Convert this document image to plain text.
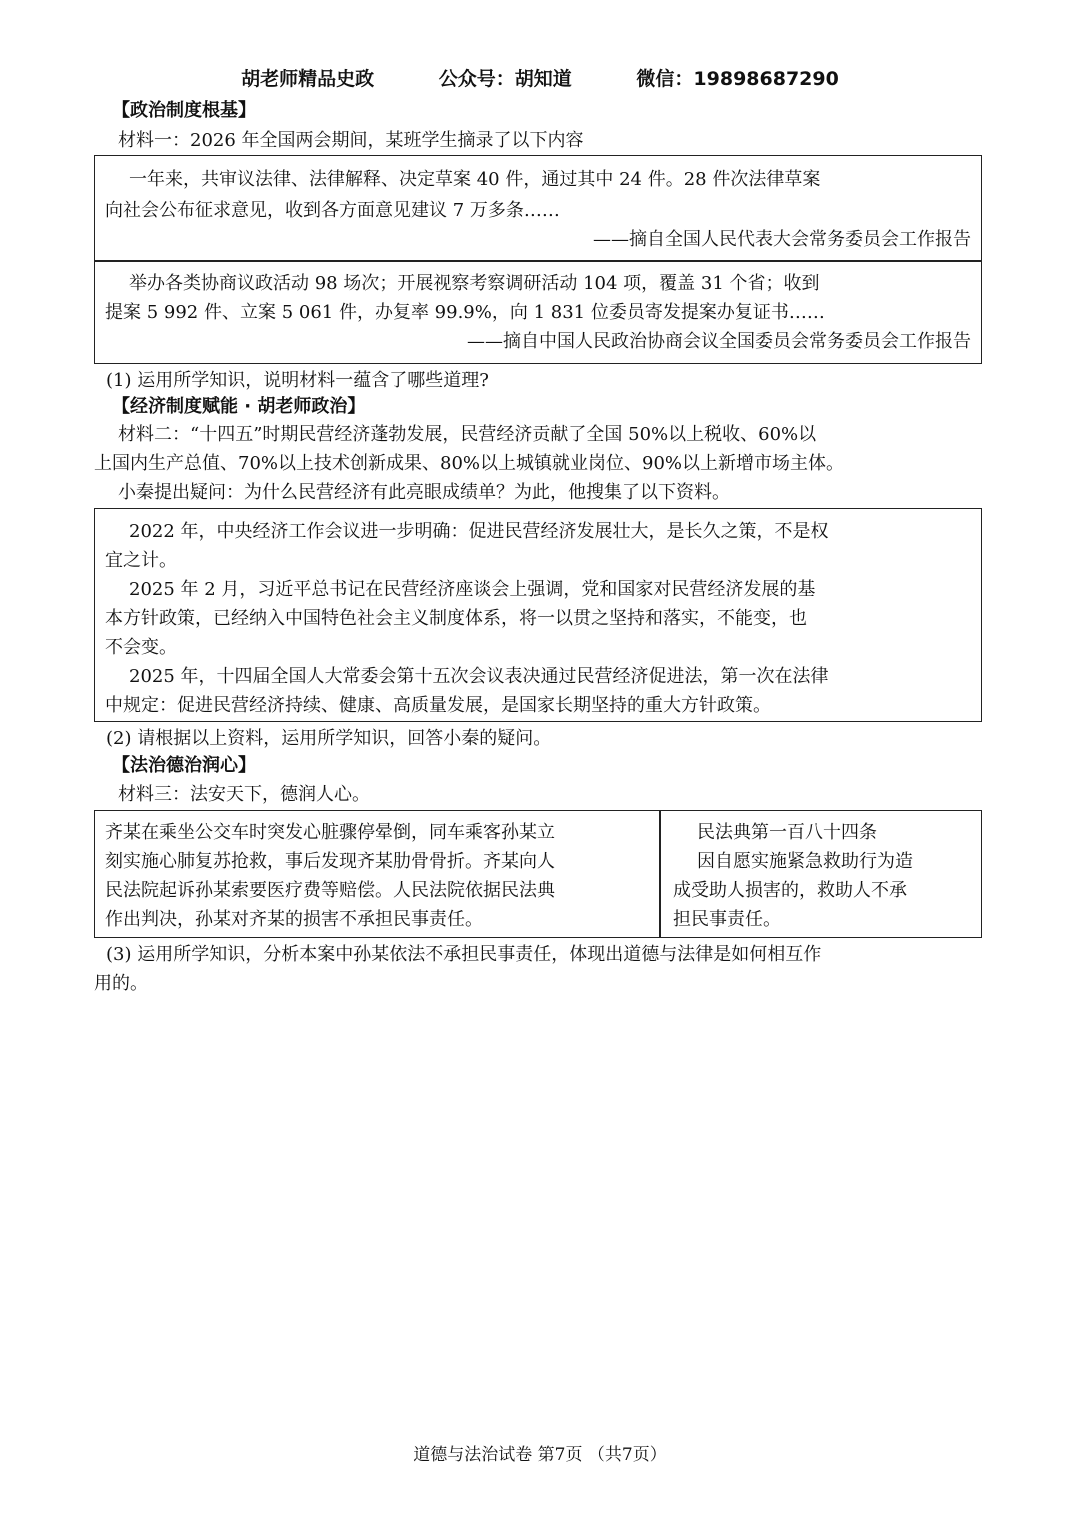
胡老师精品史政	公众号：胡知道	微信：19898687290
【政治制度根基】
材料一：2026 年全国两会期间，某班学生摘录了以下内容
一年来，共审议法律、法律解释、决定草案 40 件，通过其中 24 件。28 件次法律草案
向社会公布征求意见，收到各方面意见建议 7 万多条……
——摘自全国人民代表大会常务委员会工作报告
举办各类协商议政活动 98 场次；开展视察考察调研活动 104 项，覆盖 31 个省；收到
提案 5 992 件、立案 5 061 件，办复率 99.9%，向 1 831 位委员寄发提案办复证书……
——摘自中国人民政治协商会议全国委员会常务委员会工作报告
(1) 运用所学知识，说明材料一蕴含了哪些道理?
【经济制度赋能 · 胡老师政治】
材料二：“十四五”时期民营经济蓬勃发展，民营经济贡献了全国 50%以上税收、60%以
上国内生产总值、70%以上技术创新成果、80%以上城镇就业岗位、90%以上新增市场主体。
小秦提出疑问：为什么民营经济有此亮眼成绩单？为此，他搜集了以下资料。
2022 年，中央经济工作会议进一步明确：促进民营经济发展壮大，是长久之策，不是权
宜之计。
2025 年 2 月，习近平总书记在民营经济座谈会上强调，党和国家对民营经济发展的基
本方针政策，已经纳入中国特色社会主义制度体系，将一以贯之坚持和落实，不能变，也
不会变。
2025 年，十四届全国人大常委会第十五次会议表决通过民营经济促进法，第一次在法律
中规定：促进民营经济持续、健康、高质量发展，是国家长期坚持的重大方针政策。
(2) 请根据以上资料，运用所学知识，回答小秦的疑问。
【法治德治润心】
材料三：法安天下，德润人心。
齐某在乘坐公交车时突发心脏骤停晕倒，同车乘客孙某立
刻实施心肺复苏抢救，事后发现齐某肋骨骨折。齐某向人
民法院起诉孙某索要医疗费等赔偿。人民法院依据民法典
作出判决，孙某对齐某的损害不承担民事责任。
民法典第一百八十四条
因自愿实施紧急救助行为造
成受助人损害的，救助人不承
担民事责任。
(3) 运用所学知识，分析本案中孙某依法不承担民事责任，体现出道德与法律是如何相互作
用的。
道德与法治试卷 第7页 （共7页）
